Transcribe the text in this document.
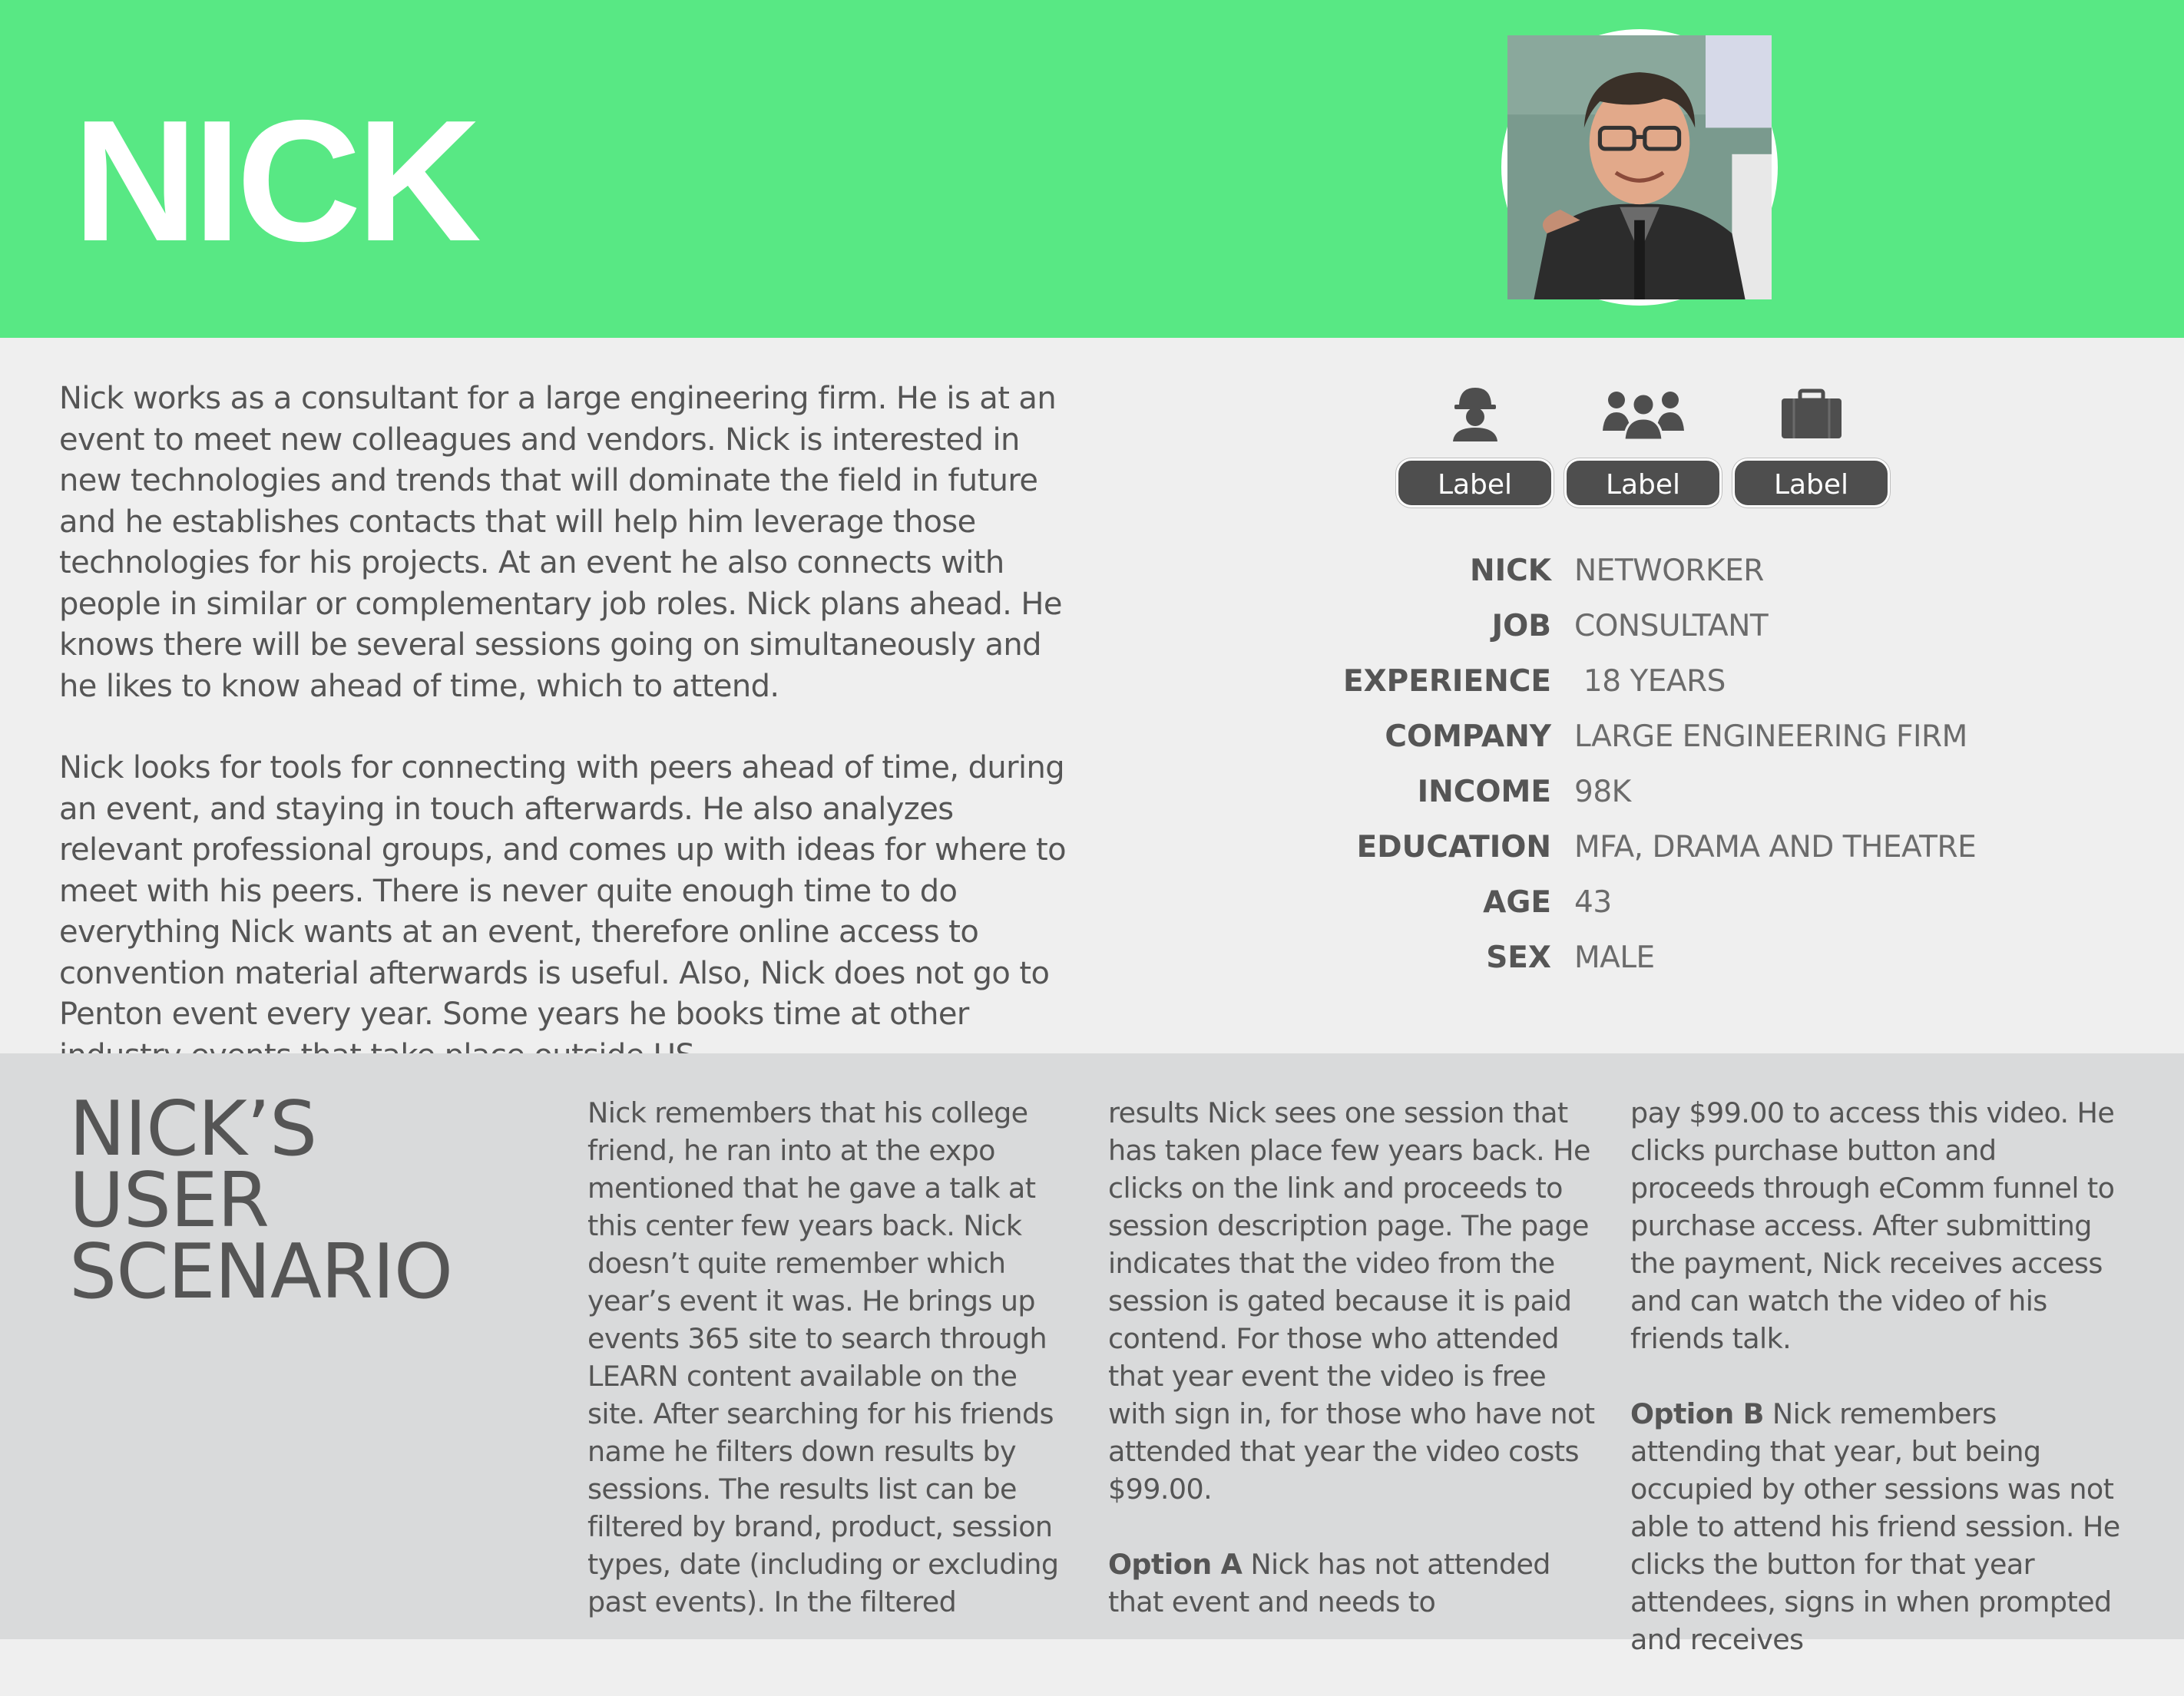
NICK

Nick works as a consultant for a large engineering firm. He is at an event to meet new colleagues and vendors. Nick is interested in new technologies and trends that will dominate the field in future and he establishes contacts that will help him leverage those technologies for his projects. At an event he also connects with people in similar or complementary job roles. Nick plans ahead. He knows there will be several sessions going on simultaneously and he likes to know ahead of time, which to attend.

Nick looks for tools for connecting with peers ahead of time, during an event, and staying in touch afterwards. He also analyzes relevant professional groups, and comes up with ideas for where to meet with his peers. There is never quite enough time to do everything Nick wants at an event, therefore online access to convention material afterwards is useful. Also, Nick does not go to Penton event every year. Some years he books time at other

Label	Label	Label
NICK NETWORKER
JOB CONSULTANT
EXPERIENCE 18 YEARS
COMPANY LARGE ENGINEERING FIRM
INCOME 98K
EDUCATION MFA, DRAMA AND THEATRE
AGE 43
SEX MALE
NICK’S
USER
SCENARIO
Nick remembers that his college friend, he ran into at the expo mentioned that he gave a talk at this center few years back. Nick doesn’t quite remember which year’s event it was. He brings up events 365 site to search through LEARN content available on the site. After searching for his friends name he filters down results by sessions. The results list can be filtered by brand, product, session types, date (including or excluding past events). In the filtered

results Nick sees one session that has taken place few years back. He clicks on the link and proceeds to session description page. The page indicates that the video from the session is gated because it is paid contend. For those who attended that year event the video is free with sign in, for those who have not attended that year the video costs $99.00.

Option A Nick has not attended that event and needs to

pay $99.00 to access this video. He clicks purchase button and proceeds through eComm funnel to purchase access. After submitting the payment, Nick receives access and can watch the video of his friends talk.

Option B Nick remembers attending that year, but being occupied by other sessions was not able to attend his friend session. He clicks the button for that year attendees, signs in when prompted and receives
